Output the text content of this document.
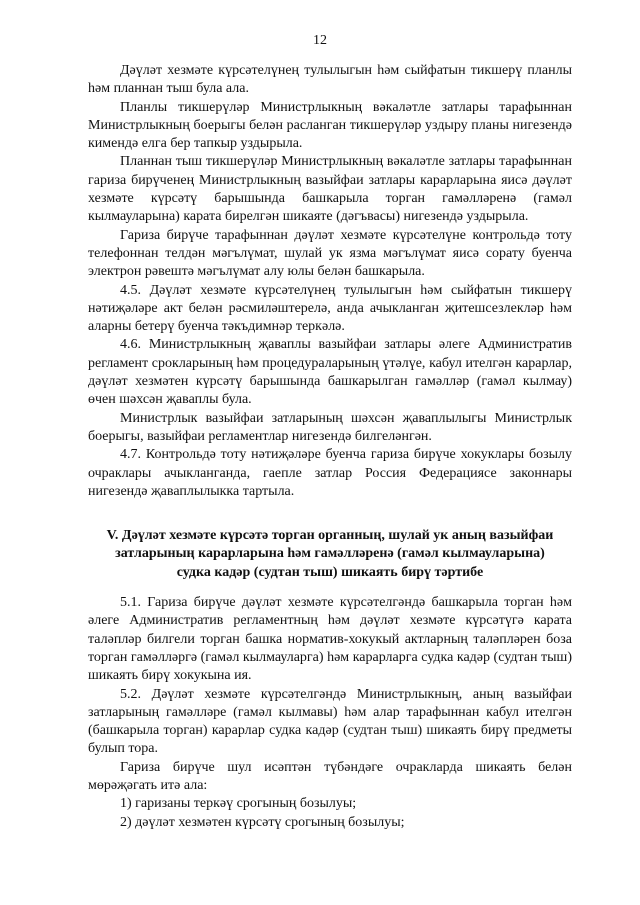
12

Дәүләт хезмәте күрсәтелүнең тулылыгын һәм сыйфатын тикшерү планлы һәм планнан тыш була ала.

Планлы тикшерүләр Министрлыкның вәкаләтле затлары тарафыннан Министрлыкның боерыгы белән расланган тикшерүләр уздыру планы нигезендә кимендә елга бер тапкыр уздырыла.

Планнан тыш тикшерүләр Министрлыкның вәкаләтле затлары тарафыннан гариза бирүченең Министрлыкның вазыйфаи затлары карарларына яисә дәүләт хезмәте күрсәтү барышында башкарыла торган гамәлләренә (гамәл кылмауларына) карата бирелгән шикаяте (дәгъвасы) нигезендә уздырыла.

Гариза бирүче тарафыннан дәүләт хезмәте күрсәтелүне контрольдә тоту телефоннан телдән мәгълүмат, шулай ук язма мәгълүмат яисә сорату буенча электрон рәвештә мәгълүмат алу юлы белән башкарыла.

4.5. Дәүләт хезмәте күрсәтелүнең тулылыгын һәм сыйфатын тикшерү нәтиҗәләре акт белән рәсмиләштерелә, анда ачыкланган җитешсезлекләр һәм аларны бетерү буенча тәкъдимнәр теркәлә.

4.6. Министрлыкның җаваплы вазыйфаи затлары әлеге Административ регламент срокларының һәм процедураларының үтәлүе, кабул ителгән карарлар, дәүләт хезмәтен күрсәтү барышында башкарылган гамәлләр (гамәл кылмау) өчен шәхсән җаваплы була.

Министрлык вазыйфаи затларының шәхсән җаваплылыгы Министрлык боерыгы, вазыйфаи регламентлар нигезендә билгеләнгән.

4.7. Контрольдә тоту нәтиҗәләре буенча гариза бирүче хокуклары бозылу очраклары ачыкланганда, гаепле затлар Россия Федерациясе законнары нигезендә җаваплылыкка тартыла.

V. Дәүләт хезмәте күрсәтә торган органның, шулай ук аның вазыйфаи затларының карарларына һәм гамәлләренә (гамәл кылмауларына) судка кадәр (судтан тыш) шикаять бирү тәртибе

5.1. Гариза бирүче дәүләт хезмәте күрсәтелгәндә башкарыла торган һәм әлеге Административ регламентның һәм дәүләт хезмәте күрсәтүгә карата таләпләр билгели торган башка норматив-хокукый актларның таләпләрен боза торган гамәлләргә (гамәл кылмауларга) һәм карарларга судка кадәр (судтан тыш) шикаять бирү хокукына ия.

5.2. Дәүләт хезмәте күрсәтелгәндә Министрлыкның, аның вазыйфаи затларының гамәлләре (гамәл кылмавы) һәм алар тарафыннан кабул ителгән (башкарыла торган) карарлар судка кадәр (судтан тыш) шикаять бирү предметы булып тора.

Гариза бирүче шул исәптән түбәндәге очракларда шикаять белән мөрәҗәгать итә ала:

1) гаризаны теркәү срогының бозылуы;

2) дәүләт хезмәтен күрсәтү срогының бозылуы;
